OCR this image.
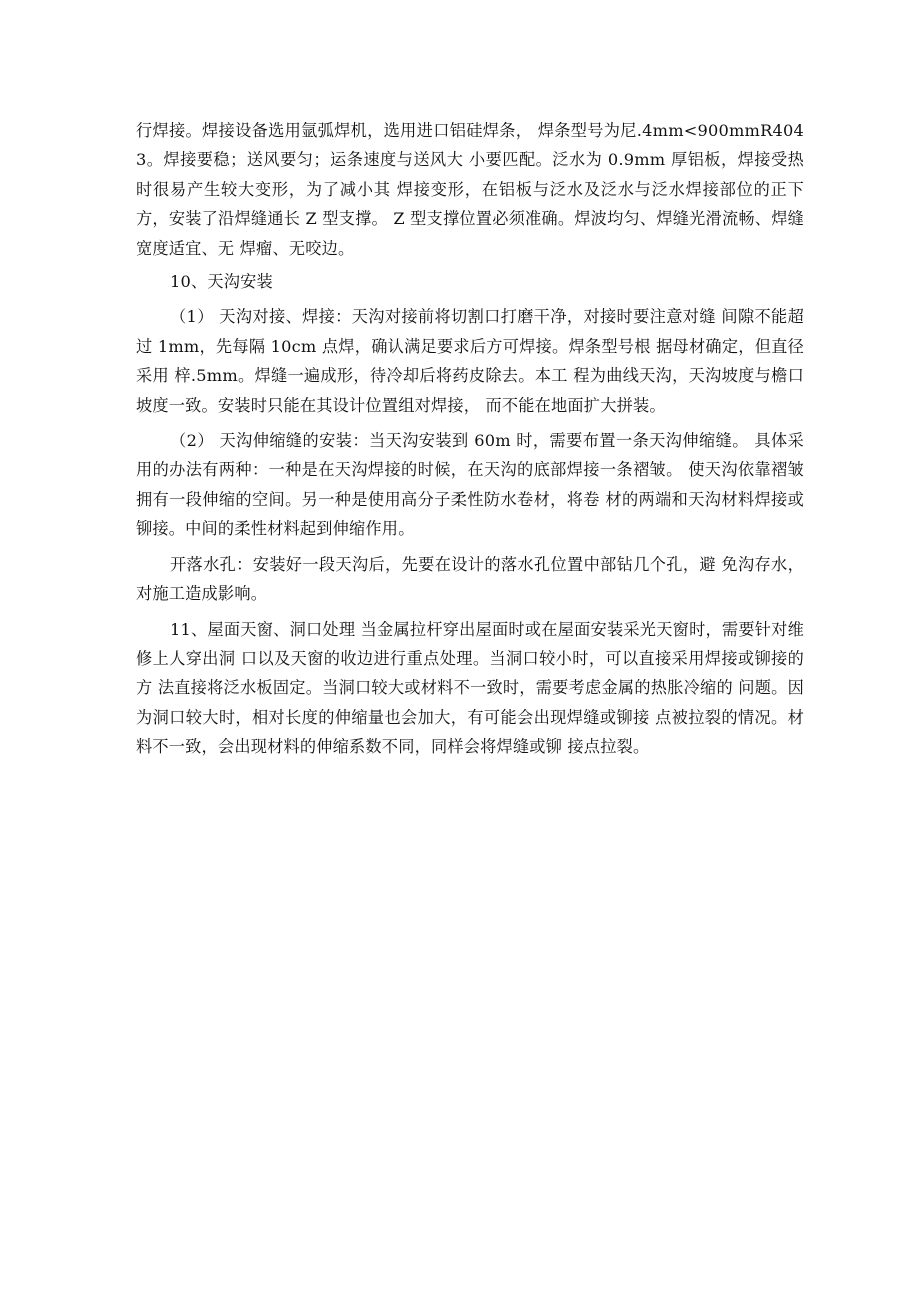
行焊接。焊接设备选用氩弧焊机，选用进口铝硅焊条， 焊条型号为尼.4mm<900mmR4043。焊接要稳；送风要匀；运条速度与送风大 小要匹配。泛水为 0.9mm 厚铝板，焊接受热时很易产生较大变形，为了减小其 焊接变形，在铝板与泛水及泛水与泛水焊接部位的正下方，安装了沿焊缝通长 Z 型支撑。 Z 型支撑位置必须准确。焊波均匀、焊缝光滑流畅、焊缝宽度适宜、无 焊瘤、无咬边。

10、天沟安装

（1） 天沟对接、焊接：天沟对接前将切割口打磨干净，对接时要注意对缝 间隙不能超过 1mm，先每隔 10cm 点焊，确认满足要求后方可焊接。焊条型号根 据母材确定，但直径采用 梓.5mm。焊缝一遍成形，待冷却后将药皮除去。本工 程为曲线天沟，天沟坡度与檐口坡度一致。安装时只能在其设计位置组对焊接， 而不能在地面扩大拼装。

（2） 天沟伸缩缝的安装：当天沟安装到 60m 时，需要布置一条天沟伸缩缝。 具体采用的办法有两种：一种是在天沟焊接的时候，在天沟的底部焊接一条褶皱。 使天沟依靠褶皱拥有一段伸缩的空间。另一种是使用高分子柔性防水卷材，将卷 材的两端和天沟材料焊接或铆接。中间的柔性材料起到伸缩作用。

开落水孔：安装好一段天沟后，先要在设计的落水孔位置中部钻几个孔，避 免沟存水，对施工造成影响。

11、屋面天窗、洞口处理 当金属拉杆穿出屋面时或在屋面安装采光天窗时，需要针对维修上人穿出洞 口以及天窗的收边进行重点处理。当洞口较小时，可以直接采用焊接或铆接的方 法直接将泛水板固定。当洞口较大或材料不一致时，需要考虑金属的热胀冷缩的 问题。因为洞口较大时，相对长度的伸缩量也会加大，有可能会出现焊缝或铆接 点被拉裂的情况。材料不一致，会出现材料的伸缩系数不同，同样会将焊缝或铆 接点拉裂。
